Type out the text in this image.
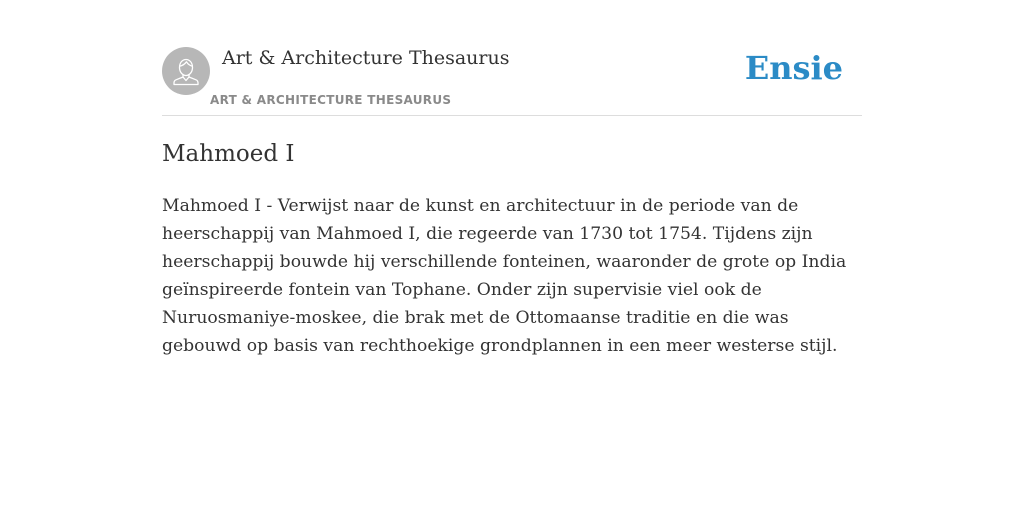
Art & Architecture Thesaurus
ART & ARCHITECTURE THESAURUS
Ensie
Mahmoed I

Mahmoed I - Verwijst naar de kunst en architectuur in de periode van de heerschappij van Mahmoed I, die regeerde van 1730 tot 1754. Tijdens zijn heerschappij bouwde hij verschillende fonteinen, waaronder de grote op India geïnspireerde fontein van Tophane. Onder zijn supervisie viel ook de Nuruosmaniye-moskee, die brak met de Ottomaanse traditie en die was gebouwd op basis van rechthoekige grondplannen in een meer westerse stijl.
